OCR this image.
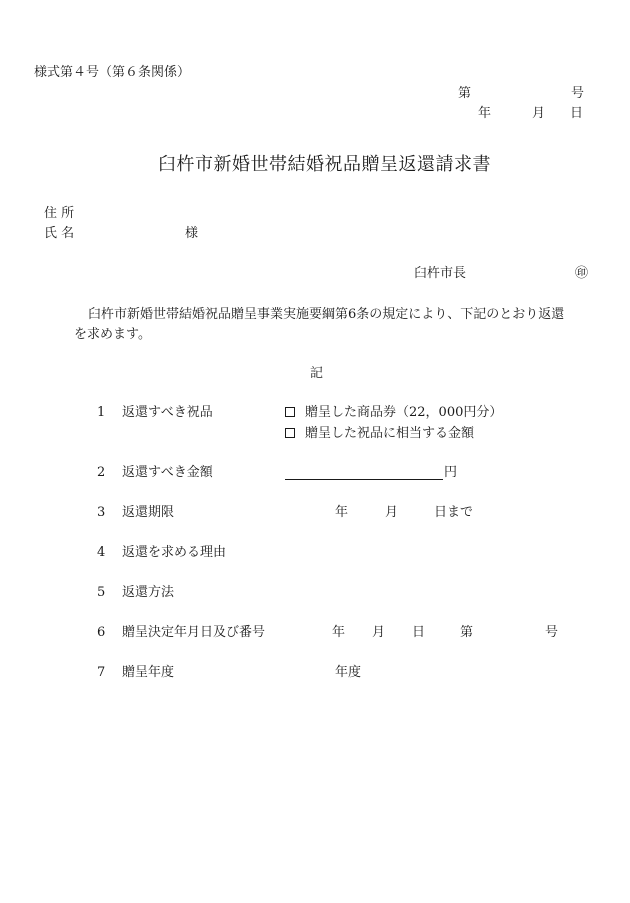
様式第４号（第６条関係）
第	号
年	月 日
臼杵市新婚世帯結婚祝品贈呈返還請求書
住 所
氏 名	様
臼杵市長	㊞
臼杵市新婚世帯結婚祝品贈呈事業実施要綱第6条の規定により、下記のとおり返還
を求めます。
記
1 返還すべき祝品	贈呈した商品券（22，000円分）
贈呈した祝品に相当する金額
2 返還すべき金額	円
3 返還期限	年	月	日まで
4 返還を求める理由
5 返還方法
6 贈呈決定年月日及び番号	年 月 日	第	号
7 贈呈年度	年度
